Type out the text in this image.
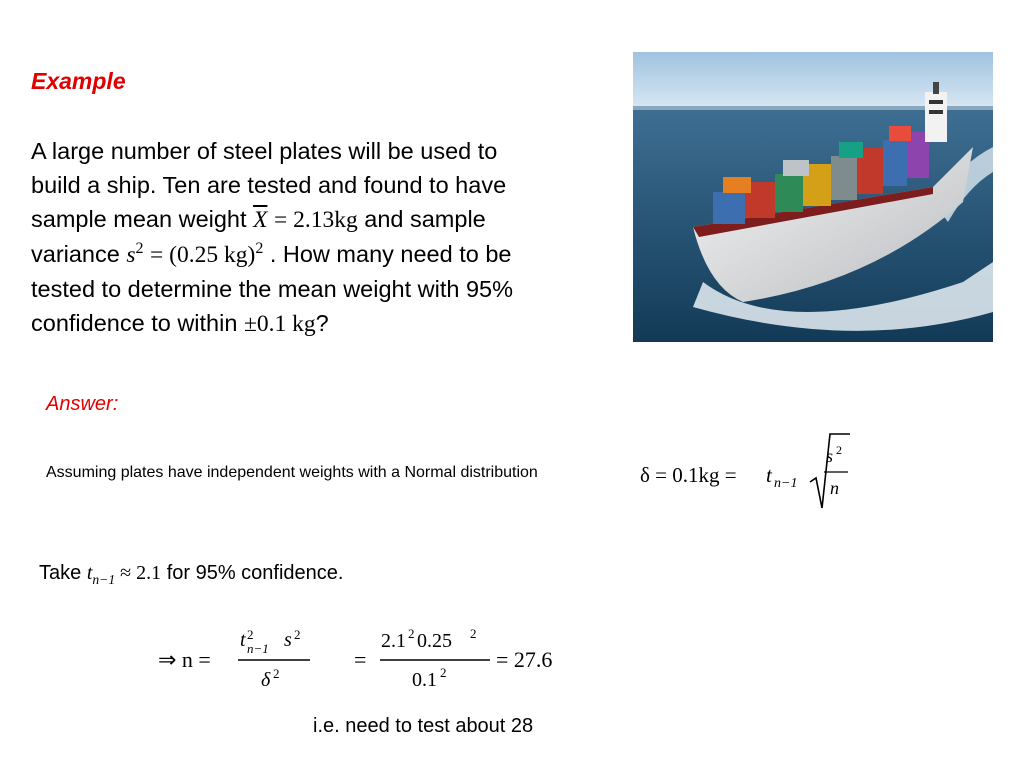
Example
A large number of steel plates will be used to
build a ship. Ten are tested and found to have
sample mean weight $\overline{X} = 2.13kg$ and sample
variance $s^2 = (0.25$ kg)$^2$ . How many need to be
tested to determine the mean weight with 95%
confidence to within ±0.1 kg?
Answer:
Assuming plates have independent weights with a Normal distribution	δ = 0.1kg = t n−1
s 2
n
Take $t_{n-1} \approx 2.1$ for 95% confidence.
⇒ n =
t 2
n−1 s 2
δ 2
=
2.1 2 0.25 2
0.1 2
= 27.6
i.e. need to test about 28
